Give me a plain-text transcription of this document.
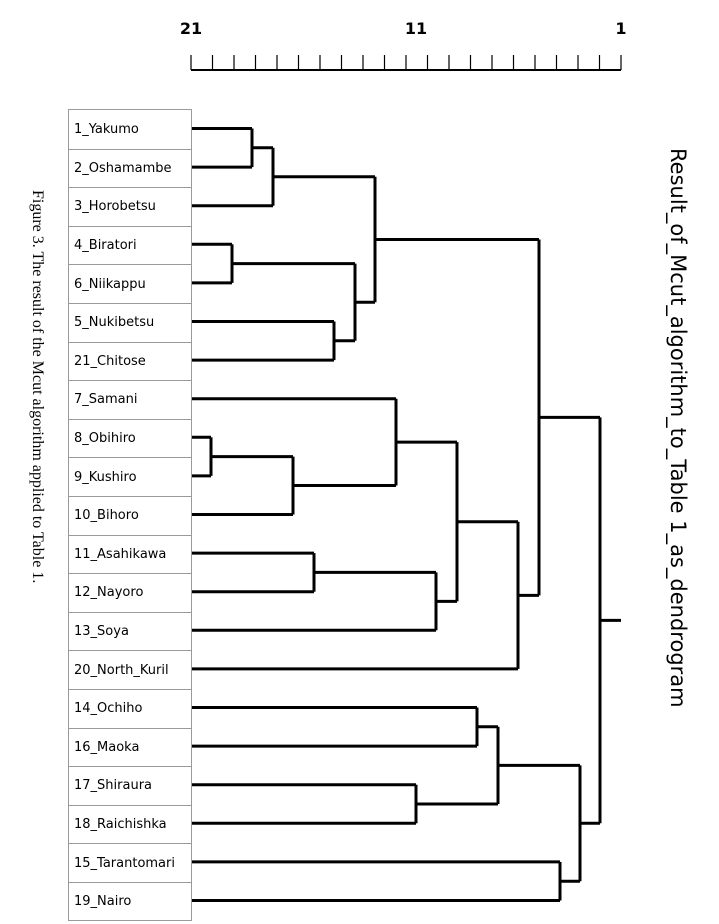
21	11	1
1_Yakumo
2_Oshamambe
3_Horobetsu
4_Biratori
6_Niikappu
5_Nukibetsu
21_Chitose
7_Samani
8_Obihiro
9_Kushiro
10_Bihoro
11_Asahikawa
12_Nayoro
13_Soya
20_North_Kuril
14_Ochiho
16_Maoka
17_Shiraura
18_Raichishka
15_Tarantomari
19_Nairo
Result_of_Mcut_algorithm_to_Table 1_as_dendrogram
Figure 3. The result of the Mcut algorithm applied to Table 1.
